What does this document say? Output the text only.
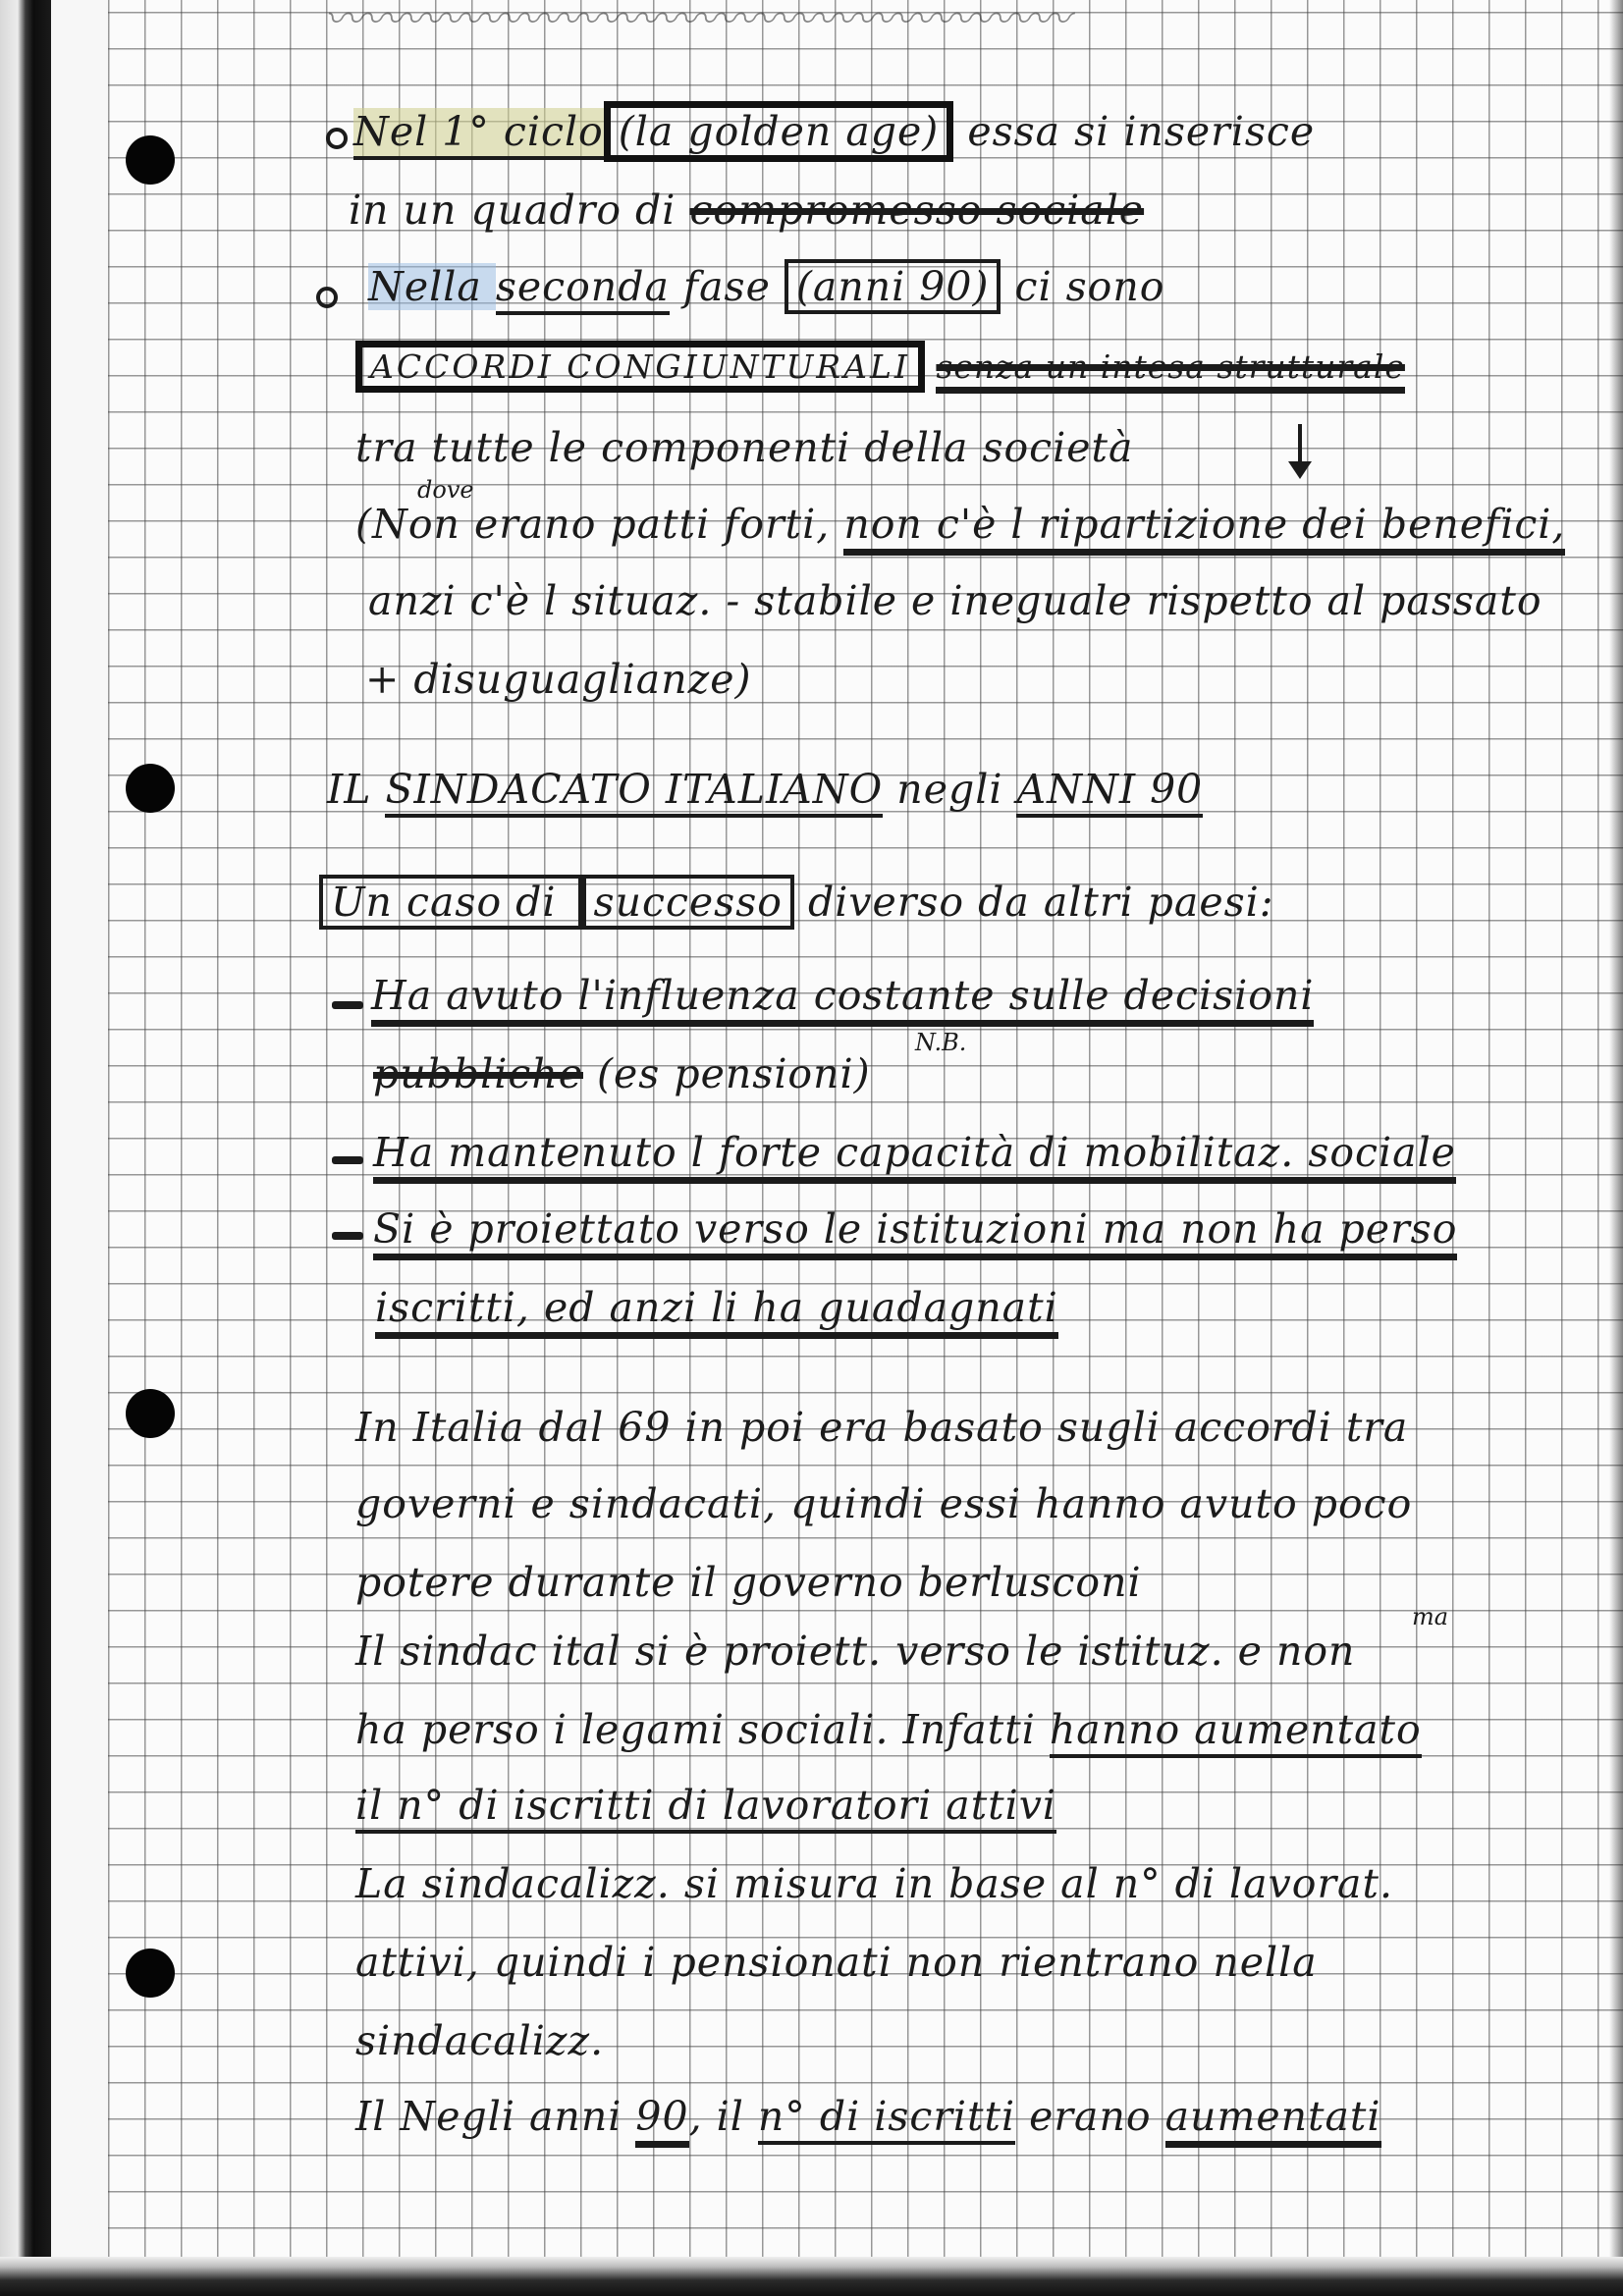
〰〰〰〰〰〰〰〰〰〰〰〰〰〰〰〰〰〰〰

Nel 1° ciclo (la golden age) essa si inserisce

in un quadro di compromesso sociale

Nella seconda fase (anni 90) ci sono

ACCORDI CONGIUNTURALI senza un intesa strutturale

tra tutte le componenti della società

dove

(Non erano patti forti, non c'è l ripartizione dei benefici,

anzi c'è l situaz. - stabile e ineguale rispetto al passato

+ disuguaglianze)

IL SINDACATO ITALIANO negli ANNI 90

Un caso di successo diverso da altri paesi:

Ha avuto l'influenza costante sulle decisioni

pubbliche (es pensioni)

N.B.

Ha mantenuto l forte capacità di mobilitaz. sociale

Si è proiettato verso le istituzioni ma non ha perso

iscritti, ed anzi li ha guadagnati

In Italia dal 69 in poi era basato sugli accordi tra

governi e sindacati, quindi essi hanno avuto poco

potere durante il governo berlusconi

ma

Il sindac ital si è proiett. verso le istituz. e non

ha perso i legami sociali. Infatti hanno aumentato

il n° di iscritti di lavoratori attivi

La sindacalizz. si misura in base al n° di lavorat.

attivi, quindi i pensionati non rientrano nella

sindacalizz.

Il Negli anni 90, il n° di iscritti erano aumentati
